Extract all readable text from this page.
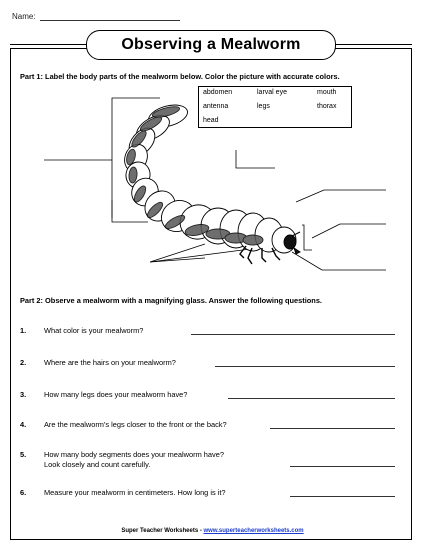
Name:
Observing a Mealworm
Part 1: Label the body parts of the mealworm below. Color the picture with accurate colors.
abdomen	larval eye	mouth
antenna	legs	thorax
head
Part 2: Observe a mealworm with a magnifying glass. Answer the following questions.
1. What color is your mealworm?
2. Where are the hairs on your mealworm?
3. How many legs does your mealworm have?
4. Are the mealworm's legs closer to the front or the back?
5. How many body segments does your mealworm have?
Look closely and count carefully.
6. Measure your mealworm in centimeters. How long is it?
Super Teacher Worksheets - www.superteacherworksheets.com
